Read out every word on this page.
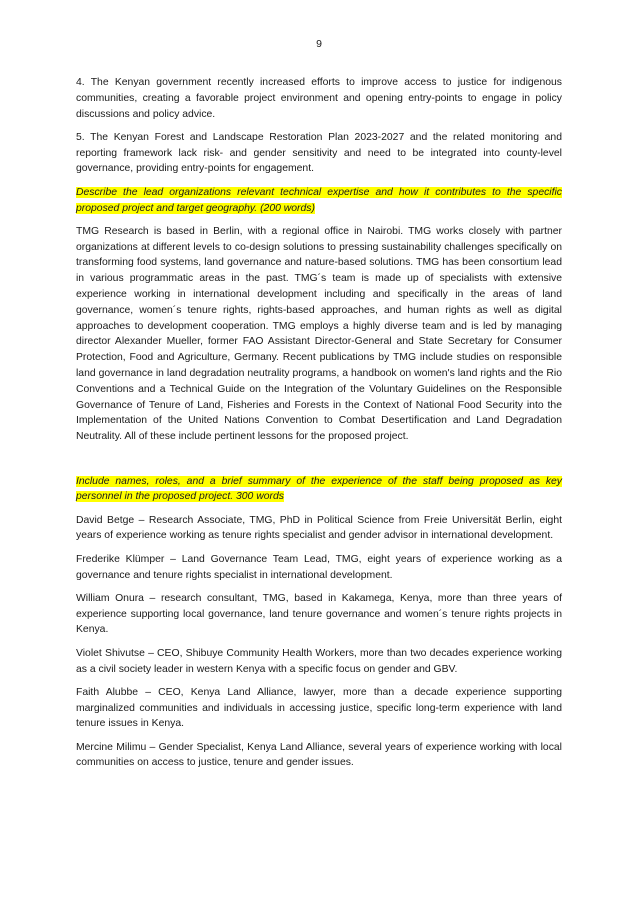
9

4. The Kenyan government recently increased efforts to improve access to justice for indigenous communities, creating a favorable project environment and opening entry-points to engage in policy discussions and policy advice.

5. The Kenyan Forest and Landscape Restoration Plan 2023-2027 and the related monitoring and reporting framework lack risk- and gender sensitivity and need to be integrated into county-level governance, providing entry-points for engagement.

Describe the lead organizations relevant technical expertise and how it contributes to the specific proposed project and target geography. (200 words)

TMG Research is based in Berlin, with a regional office in Nairobi. TMG works closely with partner organizations at different levels to co-design solutions to pressing sustainability challenges specifically on transforming food systems, land governance and nature-based solutions. TMG has been consortium lead in various programmatic areas in the past. TMG´s team is made up of specialists with extensive experience working in international development including and specifically in the areas of land governance, women´s tenure rights, rights-based approaches, and human rights as well as digital approaches to development cooperation. TMG employs a highly diverse team and is led by managing director Alexander Mueller, former FAO Assistant Director-General and State Secretary for Consumer Protection, Food and Agriculture, Germany. Recent publications by TMG include studies on responsible land governance in land degradation neutrality programs, a handbook on women's land rights and the Rio Conventions and a Technical Guide on the Integration of the Voluntary Guidelines on the Responsible Governance of Tenure of Land, Fisheries and Forests in the Context of National Food Security into the Implementation of the United Nations Convention to Combat Desertification and Land Degradation Neutrality. All of these include pertinent lessons for the proposed project.

Include names, roles, and a brief summary of the experience of the staff being proposed as key personnel in the proposed project. 300 words

David Betge – Research Associate, TMG, PhD in Political Science from Freie Universität Berlin, eight years of experience working as tenure rights specialist and gender advisor in international development.

Frederike Klümper – Land Governance Team Lead, TMG, eight years of experience working as a governance and tenure rights specialist in international development.

William Onura – research consultant, TMG, based in Kakamega, Kenya, more than three years of experience supporting local governance, land tenure governance and women´s tenure rights projects in Kenya.

Violet Shivutse – CEO, Shibuye Community Health Workers, more than two decades experience working as a civil society leader in western Kenya with a specific focus on gender and GBV.

Faith Alubbe – CEO, Kenya Land Alliance, lawyer, more than a decade experience supporting marginalized communities and individuals in accessing justice, specific long-term experience with land tenure issues in Kenya.

Mercine Milimu – Gender Specialist, Kenya Land Alliance, several years of experience working with local communities on access to justice, tenure and gender issues.
